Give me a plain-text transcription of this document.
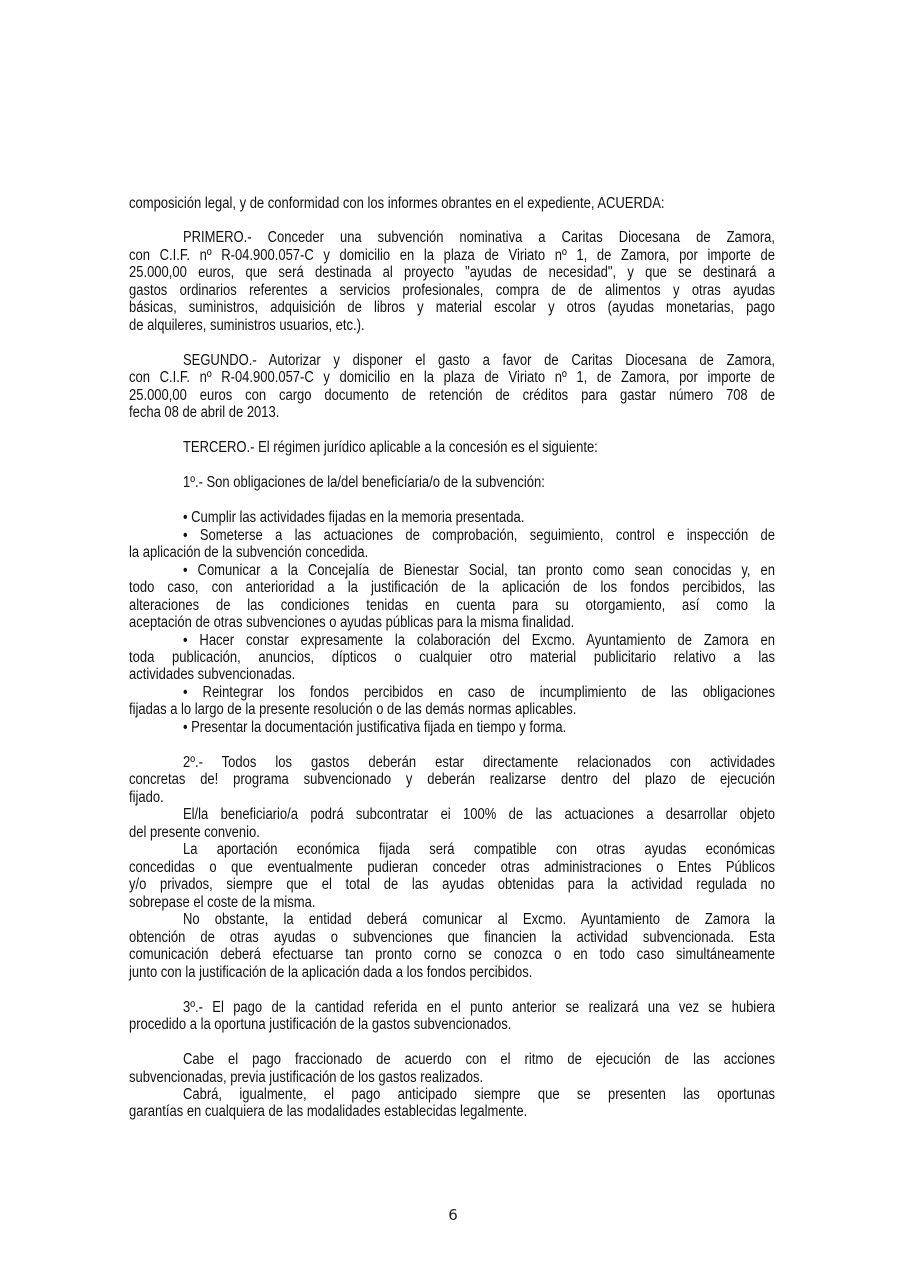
composición legal, y de conformidad con los informes obrantes en el expediente, ACUERDA:
PRIMERO.- Conceder una subvención nominativa a Caritas Diocesana de Zamora,
con C.I.F. nº R-04.900.057-C y domicilio en la plaza de Viriato nº 1, de Zamora, por importe de
25.000,00 euros, que será destinada al proyecto "ayudas de necesidad", y que se destinará a
gastos ordinarios referentes a servicios profesionales, compra de de alimentos y otras ayudas
básicas, suministros, adquisición de libros y material escolar y otros (ayudas monetarias, pago
de alquileres, suministros usuarios, etc.).
SEGUNDO.- Autorizar y disponer el gasto a favor de Caritas Diocesana de Zamora,
con C.I.F. nº R-04.900.057-C y domicilio en la plaza de Viriato nº 1, de Zamora, por importe de
25.000,00 euros con cargo documento de retención de créditos para gastar número 708 de
fecha 08 de abril de 2013.
TERCERO.- El régimen jurídico aplicable a la concesión es el siguiente:
1º.- Son obligaciones de la/del beneficíaria/o de la subvención:
• Cumplir las actividades fijadas en la memoria presentada.
• Someterse a las actuaciones de comprobación, seguimiento, control e inspección de
la aplicación de la subvención concedida.
• Comunicar a la Concejalía de Bienestar Social, tan pronto como sean conocidas y, en
todo caso, con anterioridad a la justificación de la aplicación de los fondos percibidos, las
alteraciones de las condiciones tenidas en cuenta para su otorgamiento, así como la
aceptación de otras subvenciones o ayudas públicas para la misma finalidad.
• Hacer constar expresamente la colaboración del Excmo. Ayuntamiento de Zamora en
toda publicación, anuncios, dípticos o cualquier otro material publicitario relativo a las
actividades subvencionadas.
• Reintegrar los fondos percibidos en caso de incumplimiento de las obligaciones
fijadas a lo largo de la presente resolución o de las demás normas aplicables.
• Presentar la documentación justificativa fijada en tiempo y forma.
2º.- Todos los gastos deberán estar directamente relacionados con actividades
concretas de! programa subvencionado y deberán realizarse dentro del plazo de ejecución
fijado.
El/la beneficiario/a podrá subcontratar ei 100% de las actuaciones a desarrollar objeto
del presente convenio.
La aportación económica fijada será compatible con otras ayudas económicas
concedidas o que eventualmente pudieran conceder otras administraciones o Entes Públicos
y/o privados, siempre que el total de las ayudas obtenidas para la actividad regulada no
sobrepase el coste de la misma.
No obstante, la entidad deberá comunicar al Excmo. Ayuntamiento de Zamora la
obtención de otras ayudas o subvenciones que financien la actividad subvencionada. Esta
comunicación deberá efectuarse tan pronto corno se conozca o en todo caso simultáneamente
junto con la justificación de la aplicación dada a los fondos percibidos.
3º.- El pago de la cantidad referida en el punto anterior se realizará una vez se hubiera
procedido a la oportuna justificación de la gastos subvencionados.
Cabe el pago fraccionado de acuerdo con el ritmo de ejecución de las acciones
subvencionadas, previa justificación de los gastos realizados.
Cabrá, igualmente, el pago anticipado siempre que se presenten las oportunas
garantías en cualquiera de las modalidades establecidas legalmente.
6
